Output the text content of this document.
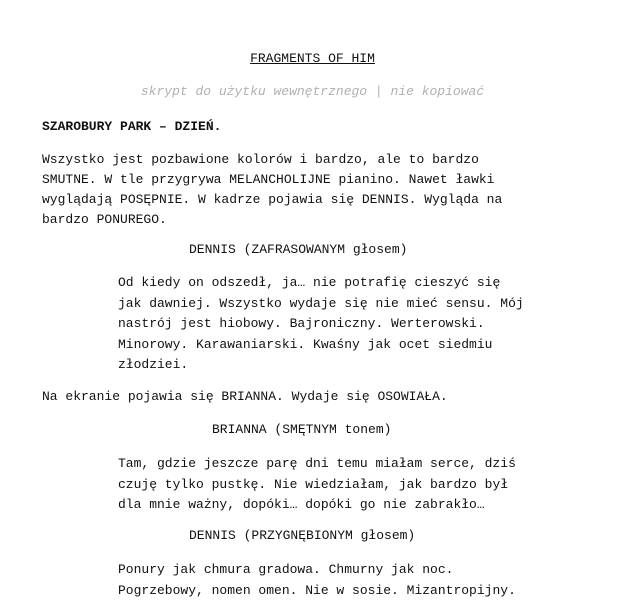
FRAGMENTS OF HIM
skrypt do użytku wewnętrznego | nie kopiować
SZAROBURY PARK – DZIEŃ.
Wszystko jest pozbawione kolorów i bardzo, ale to bardzo
SMUTNE. W tle przygrywa MELANCHOLIJNE pianino. Nawet ławki
wyglądają POSĘPNIE. W kadrze pojawia się DENNIS. Wygląda na
bardzo PONUREGO.
DENNIS (ZAFRASOWANYM głosem)
Od kiedy on odszedł, ja… nie potrafię cieszyć się
jak dawniej. Wszystko wydaje się nie mieć sensu. Mój
nastrój jest hiobowy. Bajroniczny. Werterowski.
Minorowy. Karawaniarski. Kwaśny jak ocet siedmiu
złodziei.
Na ekranie pojawia się BRIANNA. Wydaje się OSOWIAŁA.
BRIANNA (SMĘTNYM tonem)
Tam, gdzie jeszcze parę dni temu miałam serce, dziś
czuję tylko pustkę. Nie wiedziałam, jak bardzo był
dla mnie ważny, dopóki… dopóki go nie zabrakło…
DENNIS (PRZYGNĘBIONYM głosem)
Ponury jak chmura gradowa. Chmurny jak noc.
Pogrzebowy, nomen omen. Nie w sosie. Mizantropijny.
